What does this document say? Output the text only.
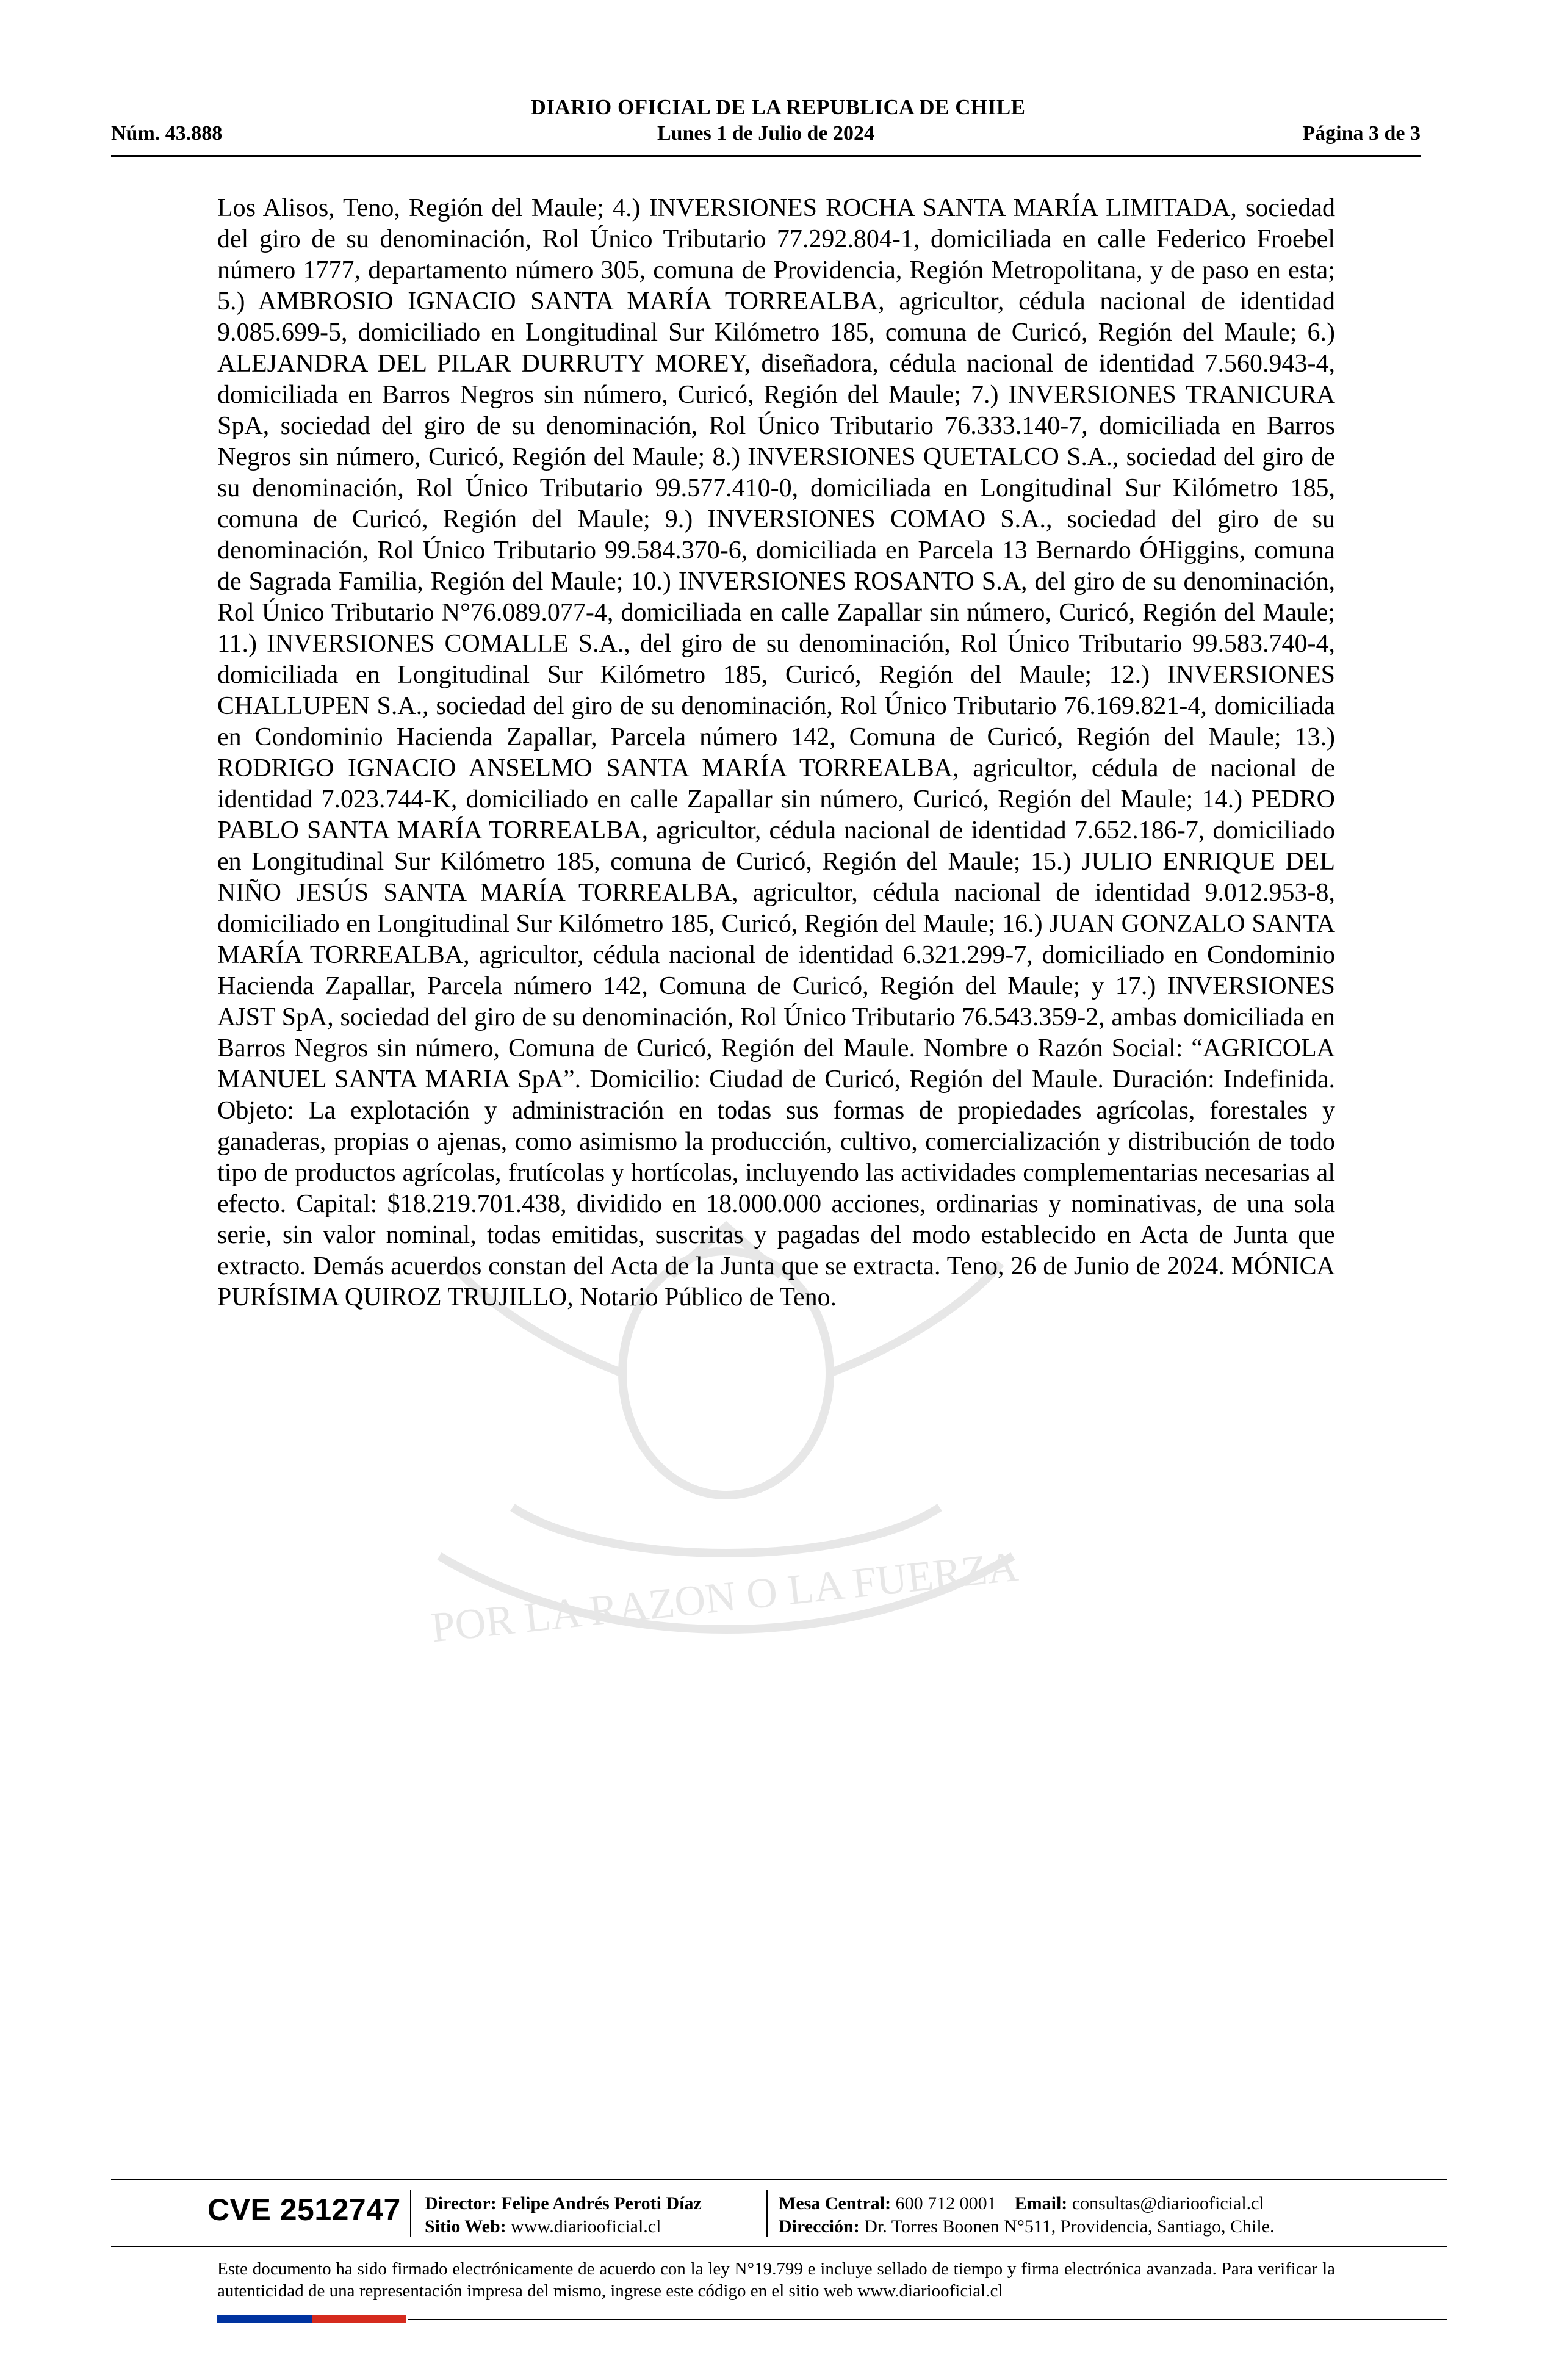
DIARIO OFICIAL DE LA REPUBLICA DE CHILE
Núm. 43.888	Lunes 1 de Julio de 2024	Página 3 de 3
POR LA RAZON O LA FUERZA
Los Alisos, Teno, Región del Maule; 4.) INVERSIONES ROCHA SANTA MARÍA LIMITADA, sociedad del giro de su denominación, Rol Único Tributario 77.292.804-1, domiciliada en calle Federico Froebel número 1777, departamento número 305, comuna de Providencia, Región Metropolitana, y de paso en esta; 5.) AMBROSIO IGNACIO SANTA MARÍA TORREALBA, agricultor, cédula nacional de identidad 9.085.699-5, domiciliado en Longitudinal Sur Kilómetro 185, comuna de Curicó, Región del Maule; 6.) ALEJANDRA DEL PILAR DURRUTY MOREY, diseñadora, cédula nacional de identidad 7.560.943-4, domiciliada en Barros Negros sin número, Curicó, Región del Maule; 7.) INVERSIONES TRANICURA SpA, sociedad del giro de su denominación, Rol Único Tributario 76.333.140-7, domiciliada en Barros Negros sin número, Curicó, Región del Maule; 8.) INVERSIONES QUETALCO S.A., sociedad del giro de su denominación, Rol Único Tributario 99.577.410-0, domiciliada en Longitudinal Sur Kilómetro 185, comuna de Curicó, Región del Maule; 9.) INVERSIONES COMAO S.A., sociedad del giro de su denominación, Rol Único Tributario 99.584.370-6, domiciliada en Parcela 13 Bernardo ÓHiggins, comuna de Sagrada Familia, Región del Maule; 10.) INVERSIONES ROSANTO S.A, del giro de su denominación, Rol Único Tributario N°76.089.077-4, domiciliada en calle Zapallar sin número, Curicó, Región del Maule; 11.) INVERSIONES COMALLE S.A., del giro de su denominación, Rol Único Tributario 99.583.740-4, domiciliada en Longitudinal Sur Kilómetro 185, Curicó, Región del Maule; 12.) INVERSIONES CHALLUPEN S.A., sociedad del giro de su denominación, Rol Único Tributario 76.169.821-4, domiciliada en Condominio Hacienda Zapallar, Parcela número 142, Comuna de Curicó, Región del Maule; 13.) RODRIGO IGNACIO ANSELMO SANTA MARÍA TORREALBA, agricultor, cédula de nacional de identidad 7.023.744-K, domiciliado en calle Zapallar sin número, Curicó, Región del Maule; 14.) PEDRO PABLO SANTA MARÍA TORREALBA, agricultor, cédula nacional de identidad 7.652.186-7, domiciliado en Longitudinal Sur Kilómetro 185, comuna de Curicó, Región del Maule; 15.) JULIO ENRIQUE DEL NIÑO JESÚS SANTA MARÍA TORREALBA, agricultor, cédula nacional de identidad 9.012.953-8, domiciliado en Longitudinal Sur Kilómetro 185, Curicó, Región del Maule; 16.) JUAN GONZALO SANTA MARÍA TORREALBA, agricultor, cédula nacional de identidad 6.321.299-7, domiciliado en Condominio Hacienda Zapallar, Parcela número 142, Comuna de Curicó, Región del Maule; y 17.) INVERSIONES AJST SpA, sociedad del giro de su denominación, Rol Único Tributario 76.543.359-2, ambas domiciliada en Barros Negros sin número, Comuna de Curicó, Región del Maule. Nombre o Razón Social: “AGRICOLA MANUEL SANTA MARIA SpA”. Domicilio: Ciudad de Curicó, Región del Maule. Duración: Indefinida. Objeto: La explotación y administración en todas sus formas de propiedades agrícolas, forestales y ganaderas, propias o ajenas, como asimismo la producción, cultivo, comercialización y distribución de todo tipo de productos agrícolas, frutícolas y hortícolas, incluyendo las actividades complementarias necesarias al efecto. Capital: $18.219.701.438, dividido en 18.000.000 acciones, ordinarias y nominativas, de una sola serie, sin valor nominal, todas emitidas, suscritas y pagadas del modo establecido en Acta de Junta que extracto. Demás acuerdos constan del Acta de la Junta que se extracta. Teno, 26 de Junio de 2024. MÓNICA PURÍSIMA QUIROZ TRUJILLO, Notario Público de Teno.
CVE 2512747 Director: Felipe Andrés Peroti Díaz
Sitio Web: www.diariooficial.cl
Mesa Central: 600 712 0001 Email: consultas@diariooficial.cl
Dirección: Dr. Torres Boonen N°511, Providencia, Santiago, Chile.
Este documento ha sido firmado electrónicamente de acuerdo con la ley N°19.799 e incluye sellado de tiempo y firma electrónica avanzada. Para verificar la autenticidad de una representación impresa del mismo, ingrese este código en el sitio web www.diariooficial.cl
